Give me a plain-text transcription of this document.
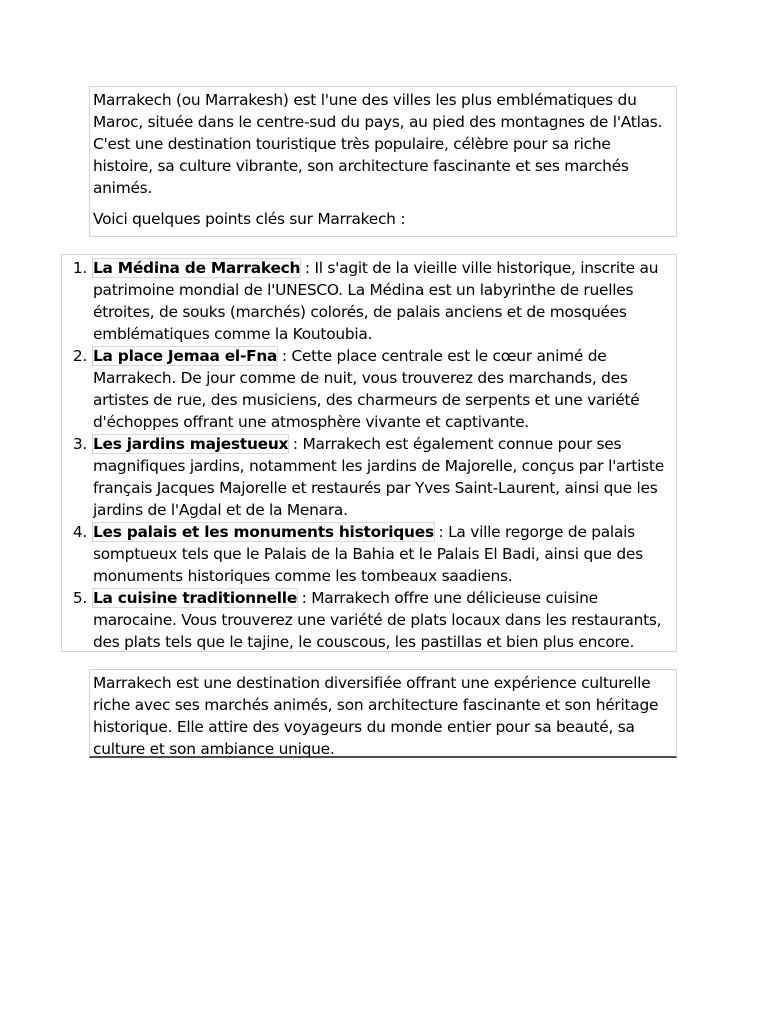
Marrakech (ou Marrakesh) est l'une des villes les plus emblématiques du Maroc, située dans le centre-sud du pays, au pied des montagnes de l'Atlas. C'est une destination touristique très populaire, célèbre pour sa riche histoire, sa culture vibrante, son architecture fascinante et ses marchés animés.

Voici quelques points clés sur Marrakech :

1. La Médina de Marrakech : Il s'agit de la vieille ville historique, inscrite au patrimoine mondial de l'UNESCO. La Médina est un labyrinthe de ruelles étroites, de souks (marchés) colorés, de palais anciens et de mosquées emblématiques comme la Koutoubia.
2. La place Jemaa el-Fna : Cette place centrale est le cœur animé de Marrakech. De jour comme de nuit, vous trouverez des marchands, des artistes de rue, des musiciens, des charmeurs de serpents et une variété d'échoppes offrant une atmosphère vivante et captivante.
3. Les jardins majestueux : Marrakech est également connue pour ses magnifiques jardins, notamment les jardins de Majorelle, conçus par l'artiste français Jacques Majorelle et restaurés par Yves Saint-Laurent, ainsi que les jardins de l'Agdal et de la Menara.
4. Les palais et les monuments historiques : La ville regorge de palais somptueux tels que le Palais de la Bahia et le Palais El Badi, ainsi que des monuments historiques comme les tombeaux saadiens.
5. La cuisine traditionnelle : Marrakech offre une délicieuse cuisine marocaine. Vous trouverez une variété de plats locaux dans les restaurants, des plats tels que le tajine, le couscous, les pastillas et bien plus encore.

Marrakech est une destination diversifiée offrant une expérience culturelle riche avec ses marchés animés, son architecture fascinante et son héritage historique. Elle attire des voyageurs du monde entier pour sa beauté, sa culture et son ambiance unique.
